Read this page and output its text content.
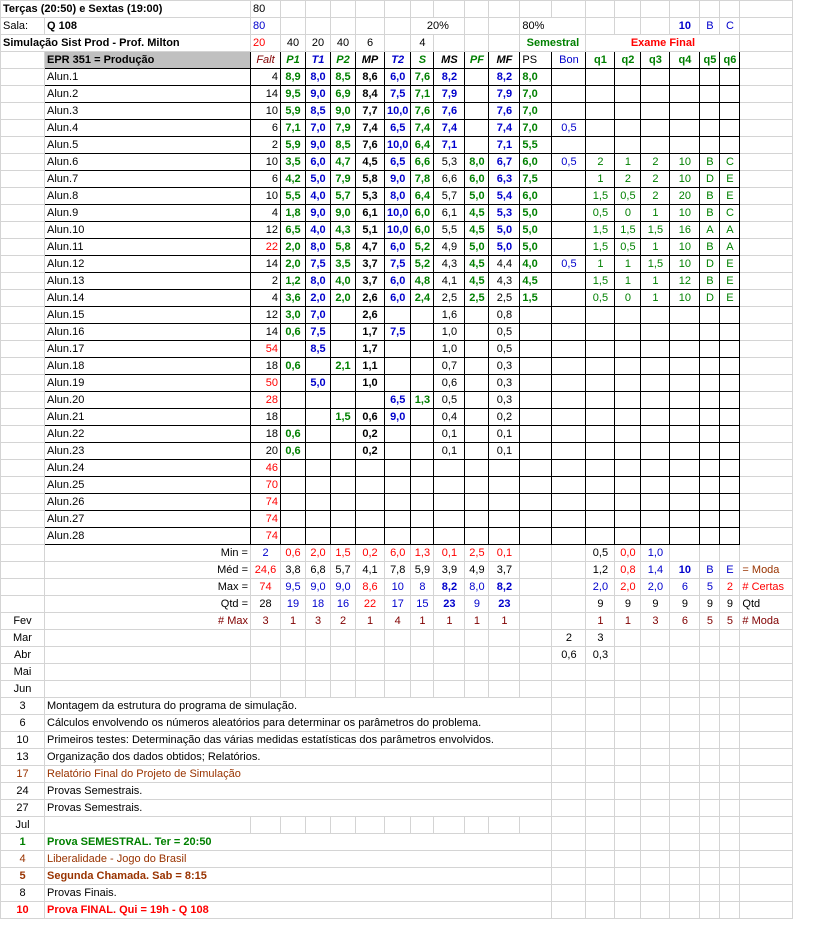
Terças (20:50) e Sextas (19:00)		80																		
Sala:	Q 108	80						20%				80%					10	B	C	
Simulação Sist Prod - Prof. Milton		20	40	20	40	6		4				Semestral		Exame Final						
	EPR 351 = Produção	Falt	P1	T1	P2	MP	T2	S	MS	PF	MF	PS	Bon	q1	q2	q3	q4	q5	q6	
	Alun.1	4	8,9	8,0	8,5	8,6	6,0	7,6	8,2		8,2	8,0								
	Alun.2	14	9,5	9,0	6,9	8,4	7,5	7,1	7,9		7,9	7,0								
	Alun.3	10	5,9	8,5	9,0	7,7	10,0	7,6	7,6		7,6	7,0								
	Alun.4	6	7,1	7,0	7,9	7,4	6,5	7,4	7,4		7,4	7,0	0,5							
	Alun.5	2	5,9	9,0	8,5	7,6	10,0	6,4	7,1		7,1	5,5								
	Alun.6	10	3,5	6,0	4,7	4,5	6,5	6,6	5,3	8,0	6,7	6,0	0,5	2	1	2	10	B	C	
	Alun.7	6	4,2	5,0	7,9	5,8	9,0	7,8	6,6	6,0	6,3	7,5		1	2	2	10	D	E	
	Alun.8	10	5,5	4,0	5,7	5,3	8,0	6,4	5,7	5,0	5,4	6,0		1,5	0,5	2	20	B	E	
	Alun.9	4	1,8	9,0	9,0	6,1	10,0	6,0	6,1	4,5	5,3	5,0		0,5	0	1	10	B	C	
	Alun.10	12	6,5	4,0	4,3	5,1	10,0	6,0	5,5	4,5	5,0	5,0		1,5	1,5	1,5	16	A	A	
	Alun.11	22	2,0	8,0	5,8	4,7	6,0	5,2	4,9	5,0	5,0	5,0		1,5	0,5	1	10	B	A	
	Alun.12	14	2,0	7,5	3,5	3,7	7,5	5,2	4,3	4,5	4,4	4,0	0,5	1	1	1,5	10	D	E	
	Alun.13	2	1,2	8,0	4,0	3,7	6,0	4,8	4,1	4,5	4,3	4,5		1,5	1	1	12	B	E	
	Alun.14	4	3,6	2,0	2,0	2,6	6,0	2,4	2,5	2,5	2,5	1,5		0,5	0	1	10	D	E	
	Alun.15	12	3,0	7,0		2,6			1,6		0,8									
	Alun.16	14	0,6	7,5		1,7	7,5		1,0		0,5									
	Alun.17	54		8,5		1,7			1,0		0,5									
	Alun.18	18	0,6		2,1	1,1			0,7		0,3									
	Alun.19	50		5,0		1,0			0,6		0,3									
	Alun.20	28					6,5	1,3	0,5		0,3									
	Alun.21	18			1,5	0,6	9,0		0,4		0,2									
	Alun.22	18	0,6			0,2			0,1		0,1									
	Alun.23	20	0,6			0,2			0,1		0,1									
	Alun.24	46																		
	Alun.25	70																		
	Alun.26	74																		
	Alun.27	74																		
	Alun.28	74																		
	Min =	2	0,6	2,0	1,5	0,2	6,0	1,3	0,1	2,5	0,1			0,5	0,0	1,0				
	Méd =	24,6	3,8	6,8	5,7	4,1	7,8	5,9	3,9	4,9	3,7			1,2	0,8	1,4	10	B	E	= Moda
	Max =	74	9,5	9,0	9,0	8,6	10	8	8,2	8,0	8,2			2,0	2,0	2,0	6	5	2	# Certas
	Qtd =	28	19	18	16	22	17	15	23	9	23			9	9	9	9	9	9	Qtd
Fev	# Max	3	1	3	2	1	4	1	1	1	1			1	1	3	6	5	5	# Moda
Mar													2	3						
Abr													0,6	0,3						
Mai																				
Jun																				
3	Montagem da estrutura do programa de simulação.																			
6	Cálculos envolvendo os números aleatórios para determinar os parâmetros do problema.																			
10	Primeiros testes: Determinação das várias medidas estatísticas dos parâmetros envolvidos.																			
13	Organização dos dados obtidos; Relatórios.																			
17	Relatório Final do Projeto de Simulação																			
24	Provas Semestrais.																			
27	Provas Semestrais.																			
Jul																				
1	Prova SEMESTRAL. Ter = 20:50																			
4	Liberalidade - Jogo do Brasil																			
5	Segunda Chamada. Sab = 8:15																			
8	Provas Finais.																			
10	Prova FINAL. Qui = 19h - Q 108																			
